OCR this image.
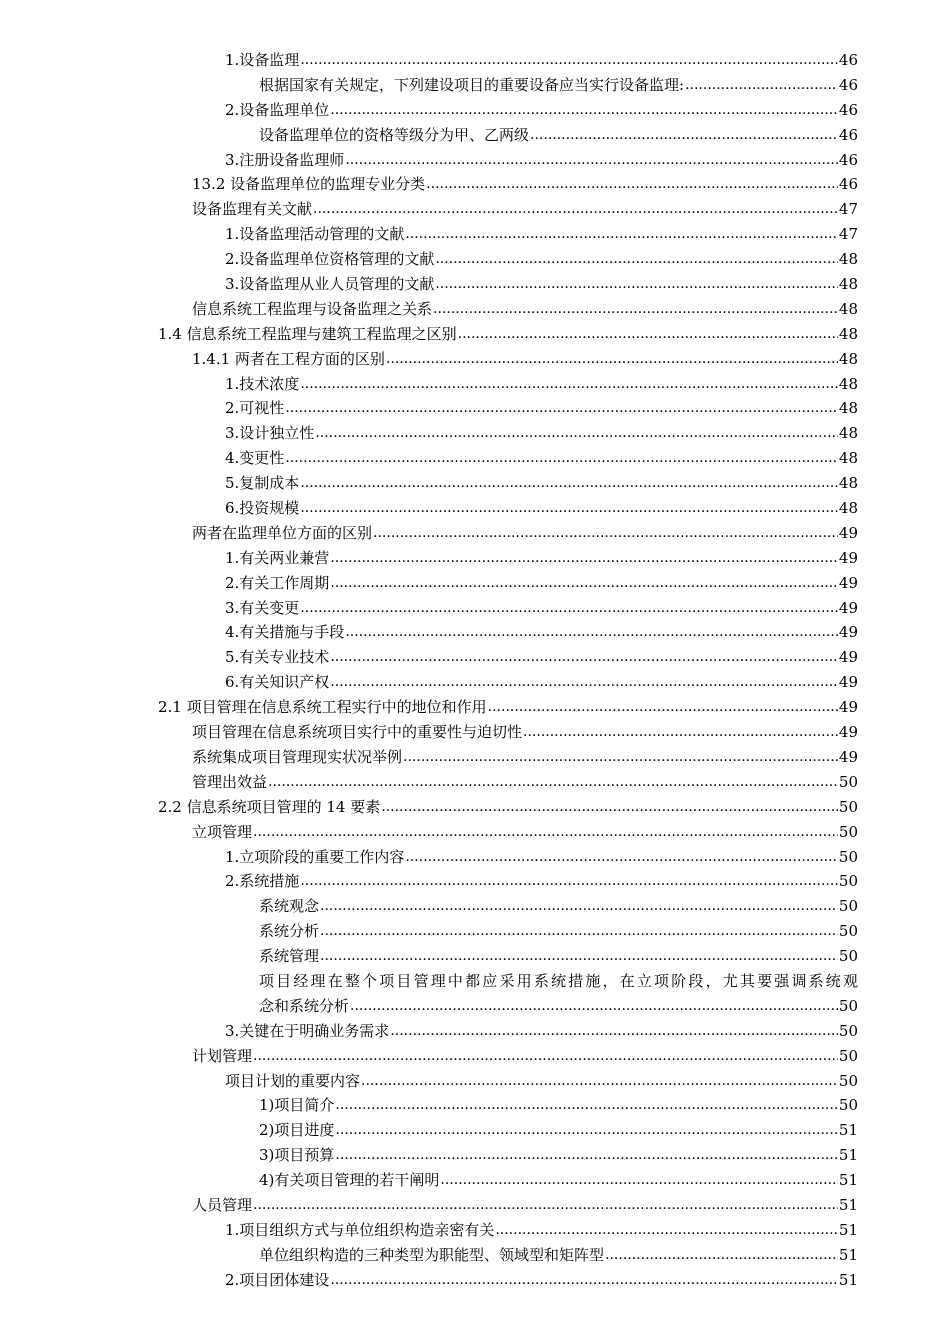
1.设备监理 .....	46
根据国家有关规定，下列建设项目的重要设备应当实行设备监理: .....	46
2.设备监理单位 .....	46
设备监理单位的资格等级分为甲、乙两级 .....	46
3.注册设备监理师 .....	46
13.2 设备监理单位的监理专业分类 .....	46
设备监理有关文献 .....	47
1.设备监理活动管理的文献 .....	47
2.设备监理单位资格管理的文献 .....	48
3.设备监理从业人员管理的文献 .....	48
信息系统工程监理与设备监理之关系 .....	48
1.4 信息系统工程监理与建筑工程监理之区别 .....	48
1.4.1 两者在工程方面的区别 .....	48
1.技术浓度 .....	48
2.可视性 .....	48
3.设计独立性 .....	48
4.变更性 .....	48
5.复制成本 .....	48
6.投资规模 .....	48
两者在监理单位方面的区别 .....	49
1.有关两业兼营 .....	49
2.有关工作周期 .....	49
3.有关变更 .....	49
4.有关措施与手段 .....	49
5.有关专业技术 .....	49
6.有关知识产权 .....	49
2.1 项目管理在信息系统工程实行中的地位和作用 .....	49
项目管理在信息系统项目实行中的重要性与迫切性 .....	49
系统集成项目管理现实状况举例 .....	49
管理出效益 .....	50
2.2 信息系统项目管理的 14 要素 .....	50
立项管理 .....	50
1.立项阶段的重要工作内容 .....	50
2.系统措施 .....	50
系统观念 .....	50
系统分析 .....	50
系统管理 .....	50
项目经理在整个项目管理中都应采用系统措施，在立项阶段，尤其要强调系统观
念和系统分析 .....	50
3.关键在于明确业务需求 .....	50
计划管理 .....	50
项目计划的重要内容 .....	50
1)项目简介 .....	50
2)项目进度 .....	51
3)项目预算 .....	51
4)有关项目管理的若干阐明 .....	51
人员管理 .....	51
1.项目组织方式与单位组织构造亲密有关 .....	51
单位组织构造的三种类型为职能型、领域型和矩阵型 .....	51
2.项目团体建设 .....	51
